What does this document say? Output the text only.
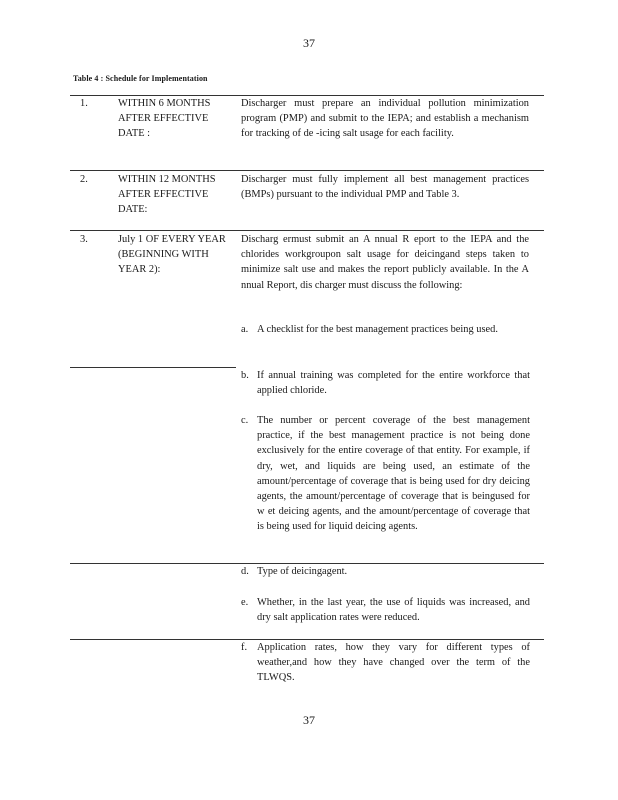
37
Table 4 : Schedule for Implementation
1.	WITHIN 6 MONTHS AFTER EFFECTIVE DATE :
Discharger must prepare an individual pollution minimization program (PMP) and submit to the IEPA; and establish a mechanism for tracking of de -icing salt usage for each facility.
2.	WITHIN 12 MONTHS AFTER EFFECTIVE DATE:
Discharger must fully implement all best management practices (BMPs) pursuant to the individual PMP and Table 3.
3.	July 1 OF EVERY YEAR (BEGINNING WITH YEAR 2):
Discharg ermust submit an A nnual R eport to the IEPA and the chlorides workgroupon salt usage for deicingand steps taken to minimize salt use and makes the report publicly available. In the A nnual Report, dis charger must discuss the following:
a. A checklist for the best management practices being used.
b. If annual training was completed for the entire workforce that applied chloride.
c. The number or percent coverage of the best management practice, if the best management practice is not being done exclusively for the entire coverage of that entity. For example, if dry, wet, and liquids are being used, an estimate of the amount/percentage of coverage that is being used for dry deicing agents, the amount/percentage of coverage that is beingused for w et deicing agents, and the amount/percentage of coverage that is being used for liquid deicing agents.
d. Type of deicingagent.
e. Whether, in the last year, the use of liquids was increased, and dry salt application rates were reduced.
f. Application rates, how they vary for different types of weather,and how they have changed over the term of the TLWQS.
37
